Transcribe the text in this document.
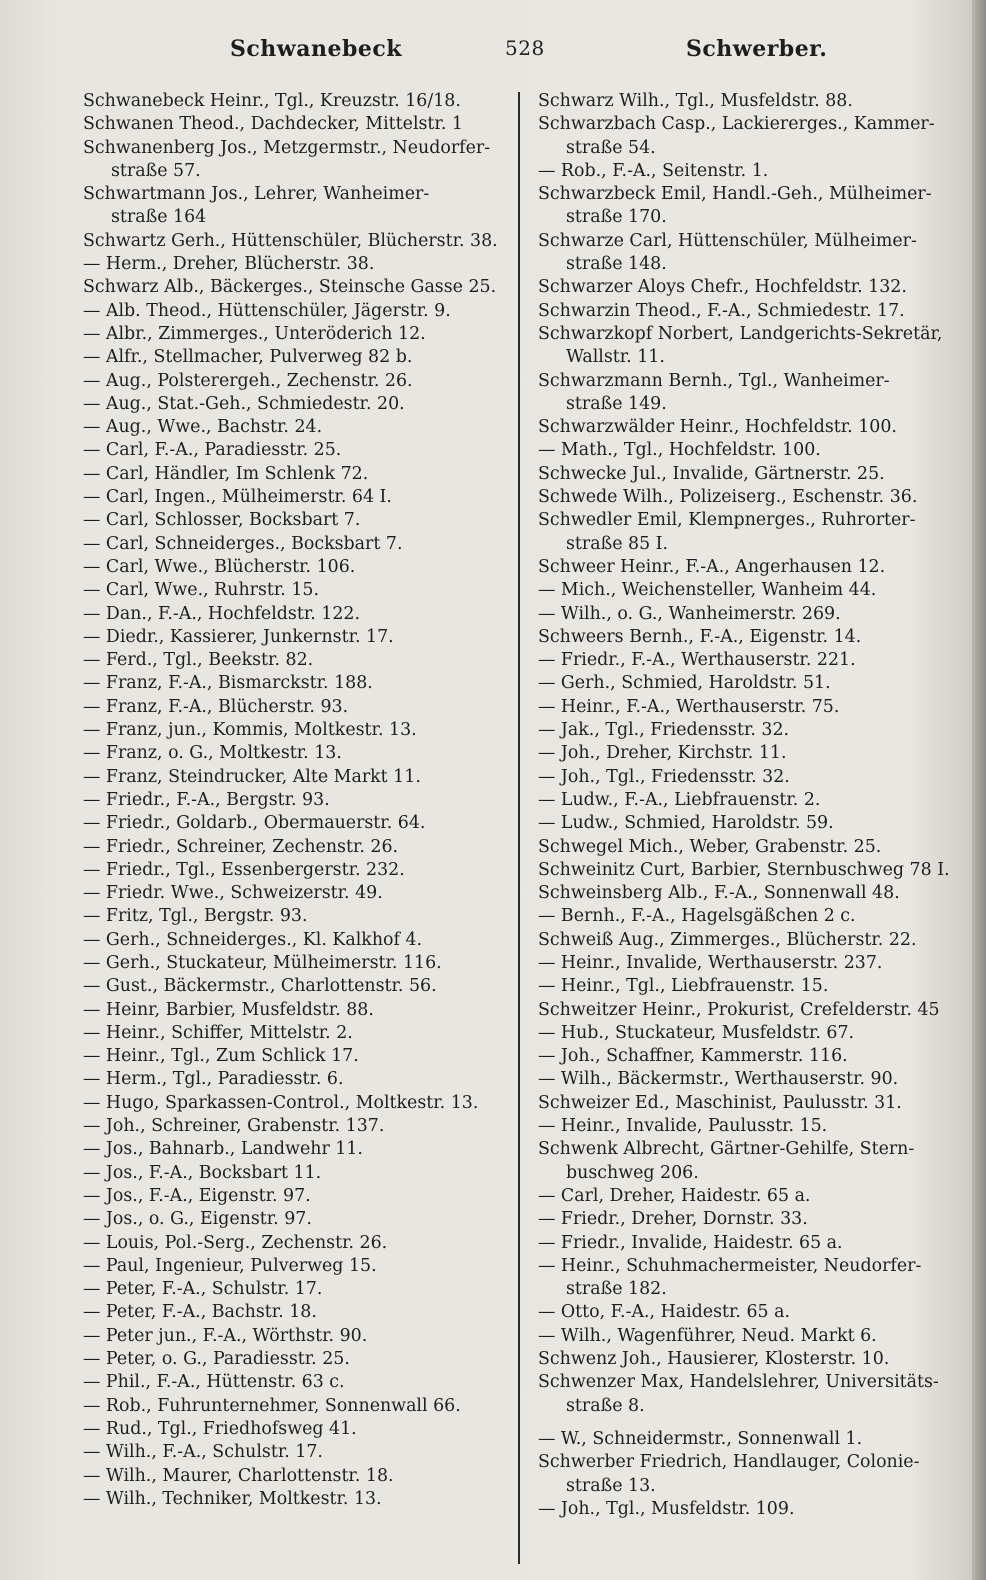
Schwanebeck	528	Schwerber.
Schwanebeck Heinr., Tgl., Kreuzstr. 16/18.
Schwanen Theod., Dachdecker, Mittelstr. 1
Schwanenberg Jos., Metzgermstr., Neudorfer-
straße 57.
Schwartmann Jos., Lehrer, Wanheimer-
straße 164
Schwartz Gerh., Hüttenschüler, Blücherstr. 38.
— Herm., Dreher, Blücherstr. 38.
Schwarz Alb., Bäckerges., Steinsche Gasse 25.
— Alb. Theod., Hüttenschüler, Jägerstr. 9.
— Albr., Zimmerges., Unteröderich 12.
— Alfr., Stellmacher, Pulverweg 82 b.
— Aug., Polsterergeh., Zechenstr. 26.
— Aug., Stat.-Geh., Schmiedestr. 20.
— Aug., Wwe., Bachstr. 24.
— Carl, F.-A., Paradiesstr. 25.
— Carl, Händler, Im Schlenk 72.
— Carl, Ingen., Mülheimerstr. 64 I.
— Carl, Schlosser, Bocksbart 7.
— Carl, Schneiderges., Bocksbart 7.
— Carl, Wwe., Blücherstr. 106.
— Carl, Wwe., Ruhrstr. 15.
— Dan., F.-A., Hochfeldstr. 122.
— Diedr., Kassierer, Junkernstr. 17.
— Ferd., Tgl., Beekstr. 82.
— Franz, F.-A., Bismarckstr. 188.
— Franz, F.-A., Blücherstr. 93.
— Franz, jun., Kommis, Moltkestr. 13.
— Franz, o. G., Moltkestr. 13.
— Franz, Steindrucker, Alte Markt 11.
— Friedr., F.-A., Bergstr. 93.
— Friedr., Goldarb., Obermauerstr. 64.
— Friedr., Schreiner, Zechenstr. 26.
— Friedr., Tgl., Essenbergerstr. 232.
— Friedr. Wwe., Schweizerstr. 49.
— Fritz, Tgl., Bergstr. 93.
— Gerh., Schneiderges., Kl. Kalkhof 4.
— Gerh., Stuckateur, Mülheimerstr. 116.
— Gust., Bäckermstr., Charlottenstr. 56.
— Heinr, Barbier, Musfeldstr. 88.
— Heinr., Schiffer, Mittelstr. 2.
— Heinr., Tgl., Zum Schlick 17.
— Herm., Tgl., Paradiesstr. 6.
— Hugo, Sparkassen-Control., Moltkestr. 13.
— Joh., Schreiner, Grabenstr. 137.
— Jos., Bahnarb., Landwehr 11.
— Jos., F.-A., Bocksbart 11.
— Jos., F.-A., Eigenstr. 97.
— Jos., o. G., Eigenstr. 97.
— Louis, Pol.-Serg., Zechenstr. 26.
— Paul, Ingenieur, Pulverweg 15.
— Peter, F.-A., Schulstr. 17.
— Peter, F.-A., Bachstr. 18.
— Peter jun., F.-A., Wörthstr. 90.
— Peter, o. G., Paradiesstr. 25.
— Phil., F.-A., Hüttenstr. 63 c.
— Rob., Fuhrunternehmer, Sonnenwall 66.
— Rud., Tgl., Friedhofsweg 41.
— Wilh., F.-A., Schulstr. 17.
— Wilh., Maurer, Charlottenstr. 18.
— Wilh., Techniker, Moltkestr. 13.
Schwarz Wilh., Tgl., Musfeldstr. 88.
Schwarzbach Casp., Lackiererges., Kammer-
straße 54.
— Rob., F.-A., Seitenstr. 1.
Schwarzbeck Emil, Handl.-Geh., Mülheimer-
straße 170.
Schwarze Carl, Hüttenschüler, Mülheimer-
straße 148.
Schwarzer Aloys Chefr., Hochfeldstr. 132.
Schwarzin Theod., F.-A., Schmiedestr. 17.
Schwarzkopf Norbert, Landgerichts-Sekretär,
Wallstr. 11.
Schwarzmann Bernh., Tgl., Wanheimer-
straße 149.
Schwarzwälder Heinr., Hochfeldstr. 100.
— Math., Tgl., Hochfeldstr. 100.
Schwecke Jul., Invalide, Gärtnerstr. 25.
Schwede Wilh., Polizeiserg., Eschenstr. 36.
Schwedler Emil, Klempnerges., Ruhrorter-
straße 85 I.
Schweer Heinr., F.-A., Angerhausen 12.
— Mich., Weichensteller, Wanheim 44.
— Wilh., o. G., Wanheimerstr. 269.
Schweers Bernh., F.-A., Eigenstr. 14.
— Friedr., F.-A., Werthauserstr. 221.
— Gerh., Schmied, Haroldstr. 51.
— Heinr., F.-A., Werthauserstr. 75.
— Jak., Tgl., Friedensstr. 32.
— Joh., Dreher, Kirchstr. 11.
— Joh., Tgl., Friedensstr. 32.
— Ludw., F.-A., Liebfrauenstr. 2.
— Ludw., Schmied, Haroldstr. 59.
Schwegel Mich., Weber, Grabenstr. 25.
Schweinitz Curt, Barbier, Sternbuschweg 78 I.
Schweinsberg Alb., F.-A., Sonnenwall 48.
— Bernh., F.-A., Hagelsgäßchen 2 c.
Schweiß Aug., Zimmerges., Blücherstr. 22.
— Heinr., Invalide, Werthauserstr. 237.
— Heinr., Tgl., Liebfrauenstr. 15.
Schweitzer Heinr., Prokurist, Crefelderstr. 45
— Hub., Stuckateur, Musfeldstr. 67.
— Joh., Schaffner, Kammerstr. 116.
— Wilh., Bäckermstr., Werthauserstr. 90.
Schweizer Ed., Maschinist, Paulusstr. 31.
— Heinr., Invalide, Paulusstr. 15.
Schwenk Albrecht, Gärtner-Gehilfe, Stern-
buschweg 206.
— Carl, Dreher, Haidestr. 65 a.
— Friedr., Dreher, Dornstr. 33.
— Friedr., Invalide, Haidestr. 65 a.
— Heinr., Schuhmachermeister, Neudorfer-
straße 182.
— Otto, F.-A., Haidestr. 65 a.
— Wilh., Wagenführer, Neud. Markt 6.
Schwenz Joh., Hausierer, Klosterstr. 10.
Schwenzer Max, Handelslehrer, Universitäts-
straße 8.
— W., Schneidermstr., Sonnenwall 1.
Schwerber Friedrich, Handlauger, Colonie-
straße 13.
— Joh., Tgl., Musfeldstr. 109.
